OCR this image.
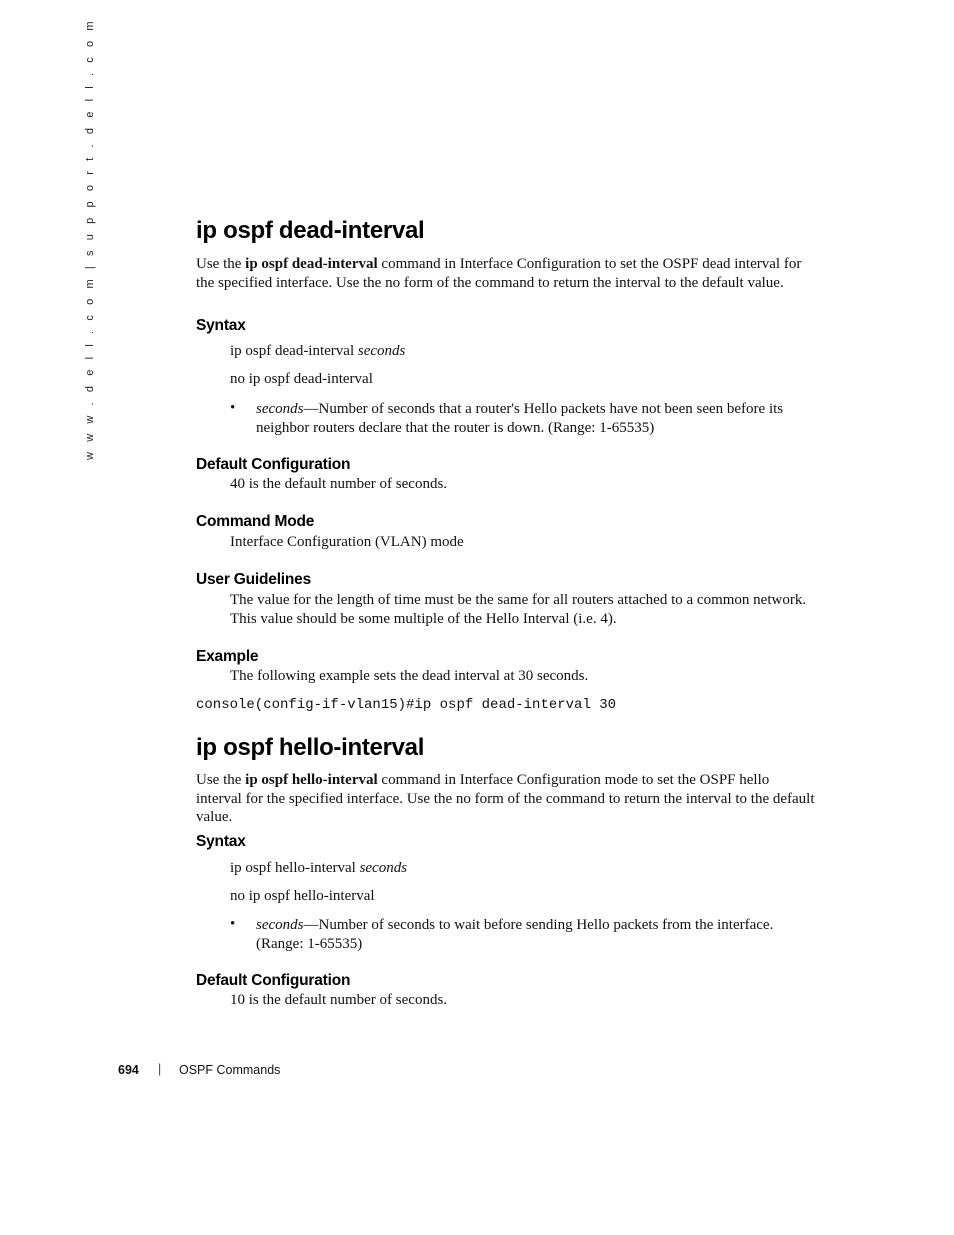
w w w . d e l l . c o m | s u p p o r t . d e l l . c o m	ip ospf dead-interval
Use the ip ospf dead-interval command in Interface Configuration to set the OSPF dead interval for the specified interface. Use the no form of the command to return the interval to the default value.
Syntax
ip ospf dead-interval seconds
no ip ospf dead-interval
• seconds—Number of seconds that a router's Hello packets have not been seen before its neighbor routers declare that the router is down. (Range: 1-65535)
Default Configuration
40 is the default number of seconds.
Command Mode
Interface Configuration (VLAN) mode
User Guidelines
The value for the length of time must be the same for all routers attached to a common network. This value should be some multiple of the Hello Interval (i.e. 4).
Example
The following example sets the dead interval at 30 seconds.
console(config-if-vlan15)#ip ospf dead-interval 30
ip ospf hello-interval
Use the ip ospf hello-interval command in Interface Configuration mode to set the OSPF hello interval for the specified interface. Use the no form of the command to return the interval to the default value.
Syntax
ip ospf hello-interval seconds
no ip ospf hello-interval
• seconds—Number of seconds to wait before sending Hello packets from the interface. (Range: 1-65535)
Default Configuration
10 is the default number of seconds.
694 | OSPF Commands
